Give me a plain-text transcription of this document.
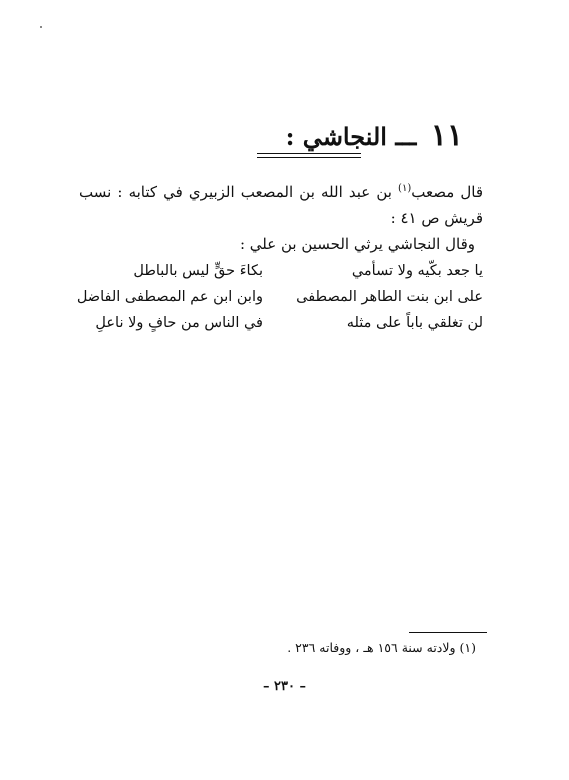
١١ ـــ النجاشي :

قال مصعب$^{(١)}$ بن عبد الله بن المصعب الزبيري في كتابه : نسب قريش ص ٤١ :

وقال النجاشي يرثي الحسين بن علي :

يا جعد بكّيه ولا تسأمي
بكاءَ حقٍّ ليس بالباطل
على ابن بنت الطاهر المصطفى
وابن ابن عم المصطفى الفاضل
لن تغلقي باباً على مثله
في الناس من حافٍ ولا ناعلِ
(١) ولادته سنة ١٥٦ هـ ، ووفاته ٢٣٦ .
– ٢٣٠ –
